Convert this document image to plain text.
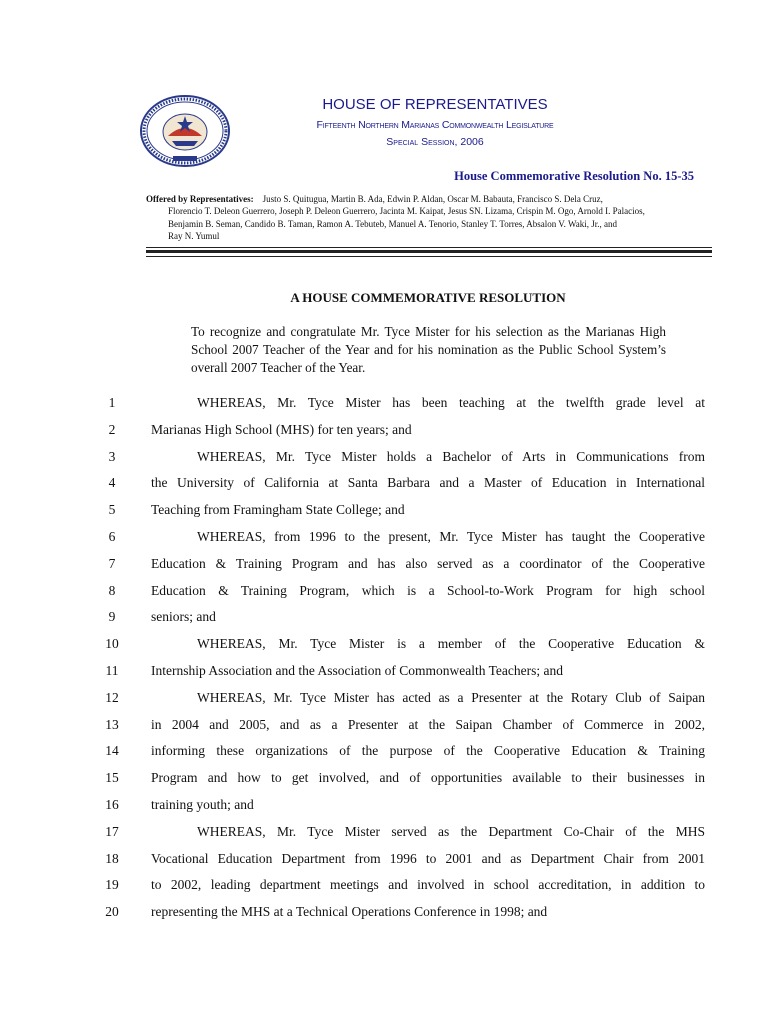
HOUSE OF REPRESENTATIVES
Fifteenth Northern Marianas Commonwealth Legislature
Special Session, 2006
House Commemorative Resolution No. 15-35
Offered by Representatives: Justo S. Quitugua, Martin B. Ada, Edwin P. Aldan, Oscar M. Babauta, Francisco S. Dela Cruz,
Florencio T. Deleon Guerrero, Joseph P. Deleon Guerrero, Jacinta M. Kaipat, Jesus SN. Lizama, Crispin M. Ogo, Arnold I. Palacios,
Benjamin B. Seman, Candido B. Taman, Ramon A. Tebuteb, Manuel A. Tenorio, Stanley T. Torres, Absalon V. Waki, Jr., and
Ray N. Yumul
A HOUSE COMMEMORATIVE RESOLUTION
To recognize and congratulate Mr. Tyce Mister for his selection as the Marianas High School 2007 Teacher of the Year and for his nomination as the Public School System’s overall 2007 Teacher of the Year.
1	WHEREAS, Mr. Tyce Mister has been teaching at the twelfth grade level at
2	Marianas High School (MHS) for ten years; and
3	WHEREAS, Mr. Tyce Mister holds a Bachelor of Arts in Communications from
4	the University of California at Santa Barbara and a Master of Education in International
5	Teaching from Framingham State College; and
6	WHEREAS, from 1996 to the present, Mr. Tyce Mister has taught the Cooperative
7	Education & Training Program and has also served as a coordinator of the Cooperative
8	Education & Training Program, which is a School-to-Work Program for high school
9	seniors; and
10	WHEREAS, Mr. Tyce Mister is a member of the Cooperative Education &
11	Internship Association and the Association of Commonwealth Teachers; and
12	WHEREAS, Mr. Tyce Mister has acted as a Presenter at the Rotary Club of Saipan
13	in 2004 and 2005, and as a Presenter at the Saipan Chamber of Commerce in 2002,
14	informing these organizations of the purpose of the Cooperative Education & Training
15	Program and how to get involved, and of opportunities available to their businesses in
16	training youth; and
17	WHEREAS, Mr. Tyce Mister served as the Department Co-Chair of the MHS
18	Vocational Education Department from 1996 to 2001 and as Department Chair from 2001
19	to 2002, leading department meetings and involved in school accreditation, in addition to
20	representing the MHS at a Technical Operations Conference in 1998; and
